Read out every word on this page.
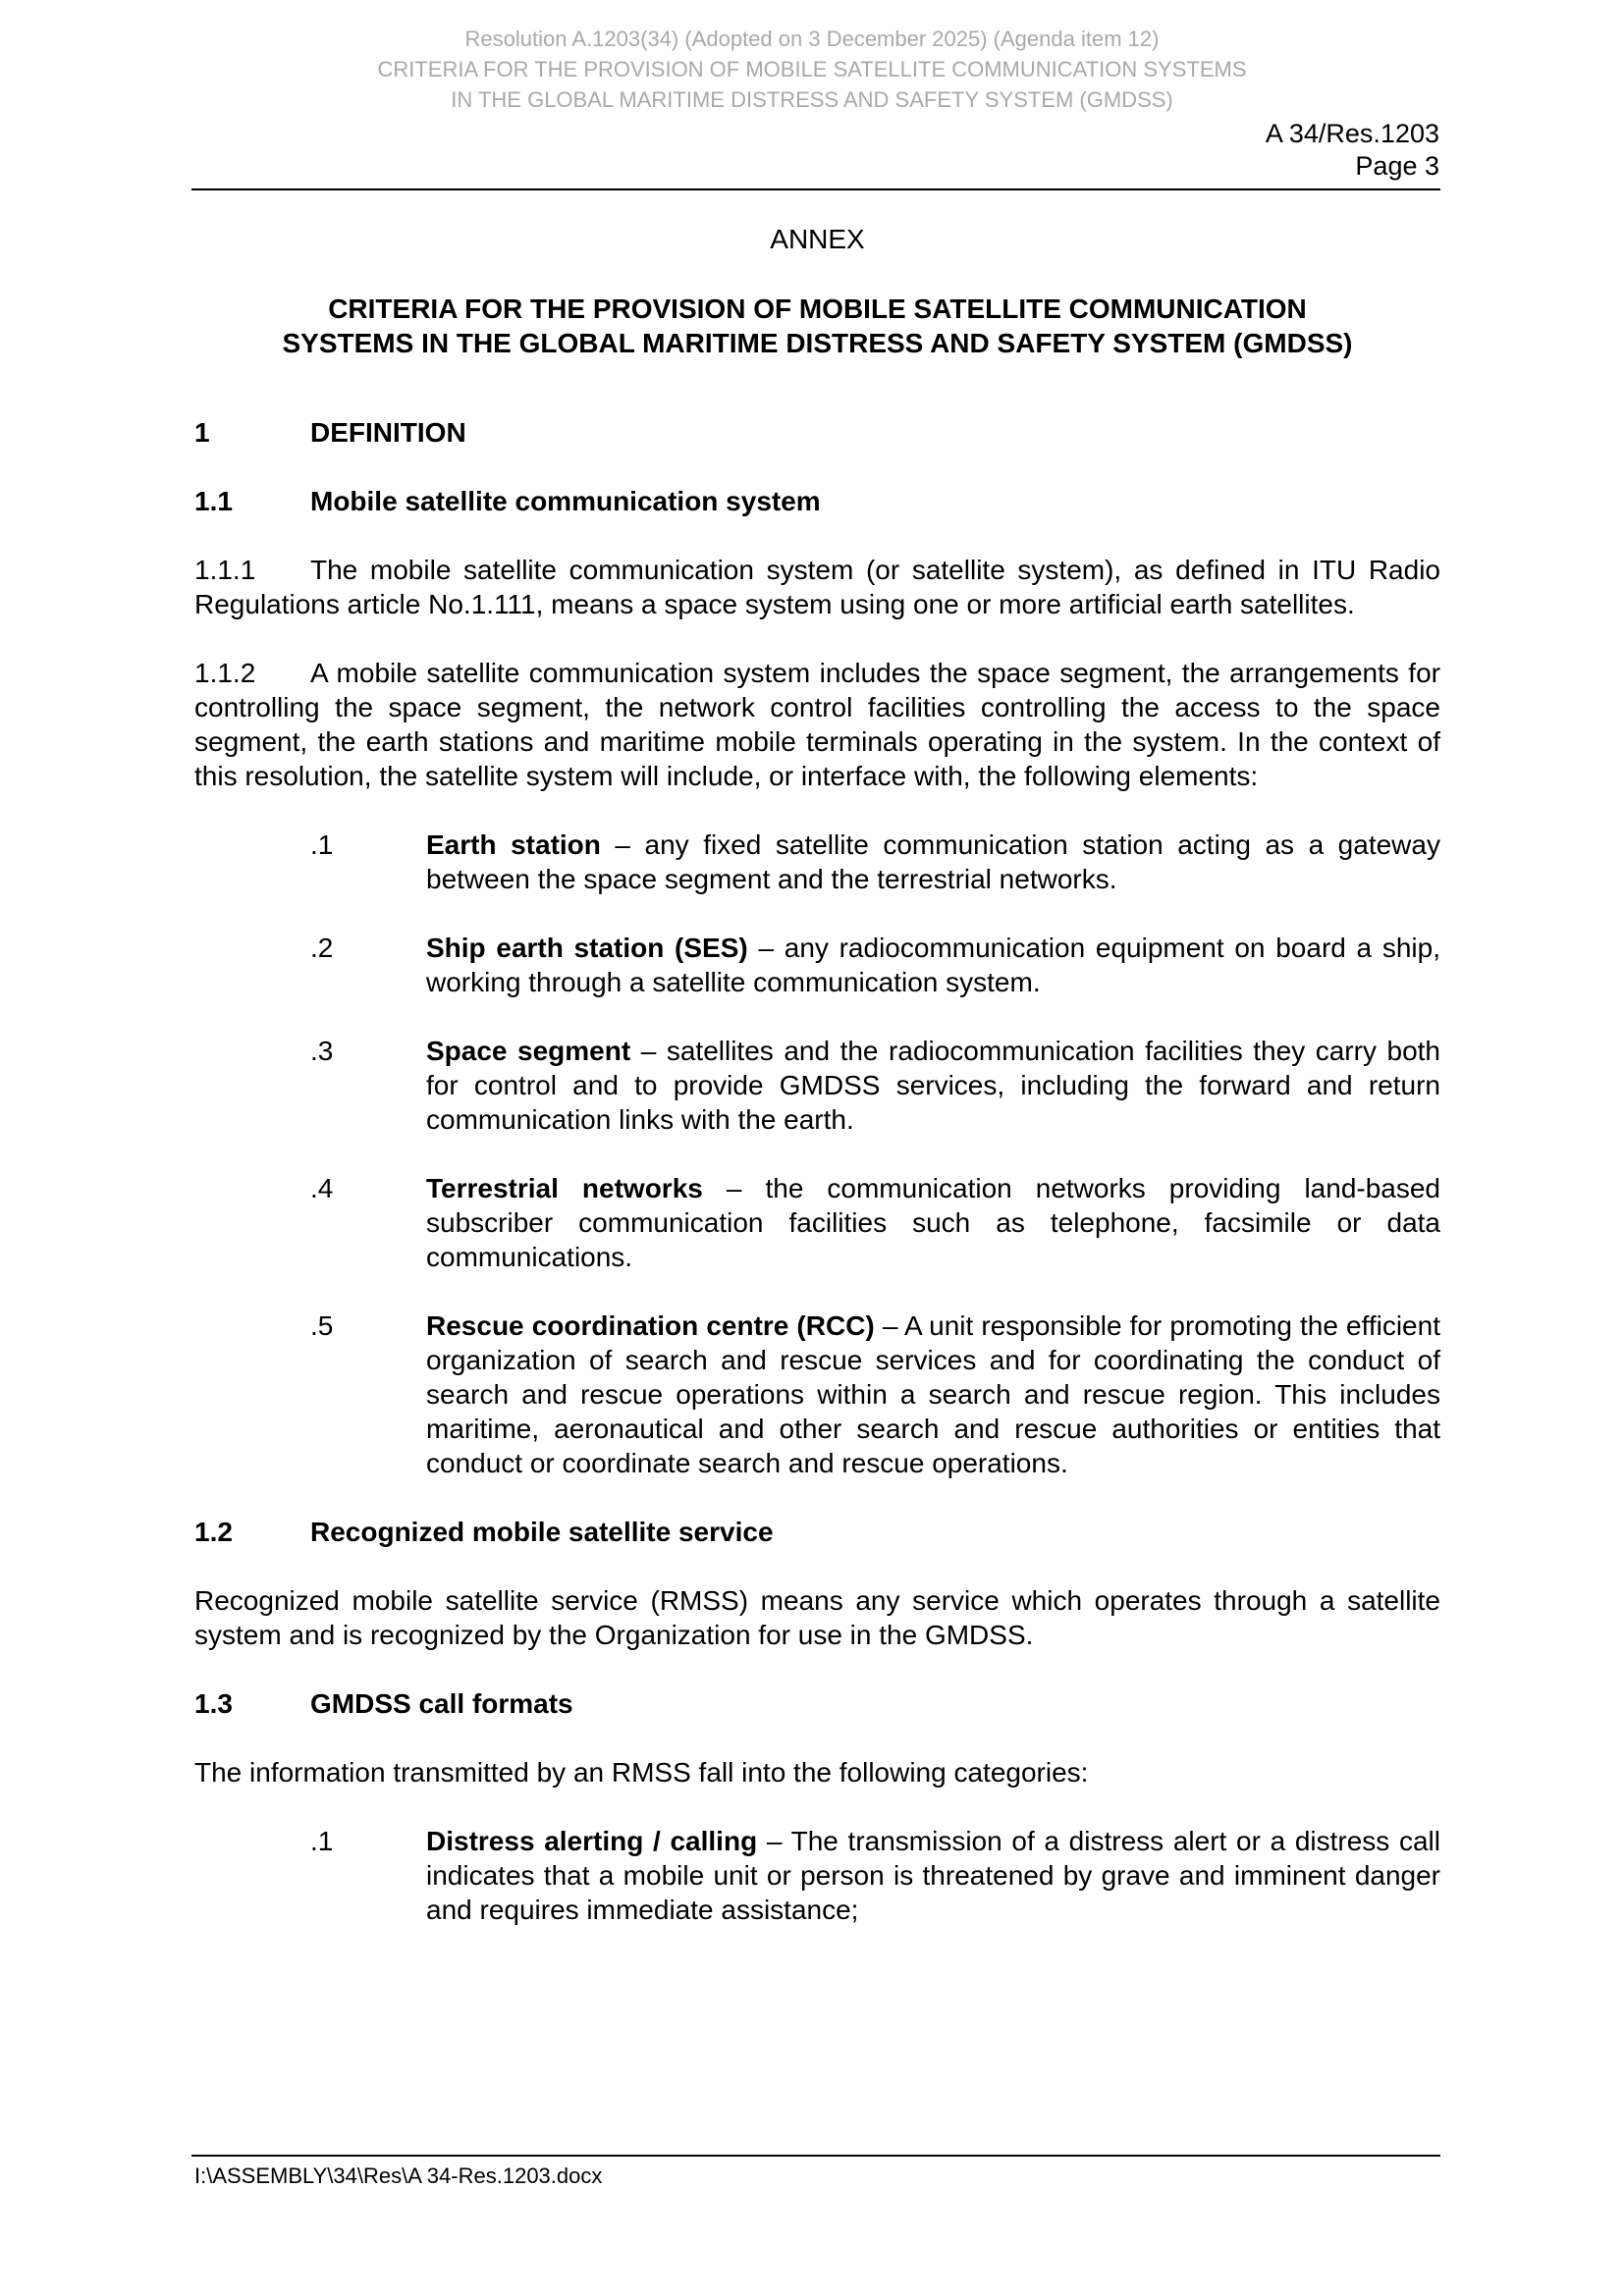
Resolution A.1203(34) (Adopted on 3 December 2025) (Agenda item 12)
CRITERIA FOR THE PROVISION OF MOBILE SATELLITE COMMUNICATION SYSTEMS
IN THE GLOBAL MARITIME DISTRESS AND SAFETY SYSTEM (GMDSS)
A 34/Res.1203
Page 3
ANNEX
CRITERIA FOR THE PROVISION OF MOBILE SATELLITE COMMUNICATION
SYSTEMS IN THE GLOBAL MARITIME DISTRESS AND SAFETY SYSTEM (GMDSS)
1	DEFINITION
1.1	Mobile satellite communication system

1.1.1 The mobile satellite communication system (or satellite system), as defined in ITU Radio Regulations article No.1.111, means a space system using one or more artificial earth satellites.

1.1.2 A mobile satellite communication system includes the space segment, the arrangements for controlling the space segment, the network control facilities controlling the access to the space segment, the earth stations and maritime mobile terminals operating in the system. In the context of this resolution, the satellite system will include, or interface with, the following elements:

.1	Earth station – any fixed satellite communication station acting as a gateway between the space segment and the terrestrial networks.
.2	Ship earth station (SES) – any radiocommunication equipment on board a ship, working through a satellite communication system.
.3	Space segment – satellites and the radiocommunication facilities they carry both for control and to provide GMDSS services, including the forward and return communication links with the earth.
.4	Terrestrial networks – the communication networks providing land-based subscriber communication facilities such as telephone, facsimile or data communications.
.5	Rescue coordination centre (RCC) – A unit responsible for promoting the efficient organization of search and rescue services and for coordinating the conduct of search and rescue operations within a search and rescue region. This includes maritime, aeronautical and other search and rescue authorities or entities that conduct or coordinate search and rescue operations.
1.2	Recognized mobile satellite service

Recognized mobile satellite service (RMSS) means any service which operates through a satellite system and is recognized by the Organization for use in the GMDSS.

1.3	GMDSS call formats

The information transmitted by an RMSS fall into the following categories:

.1	Distress alerting / calling – The transmission of a distress alert or a distress call indicates that a mobile unit or person is threatened by grave and imminent danger and requires immediate assistance;
I:\ASSEMBLY\34\Res\A 34-Res.1203.docx
